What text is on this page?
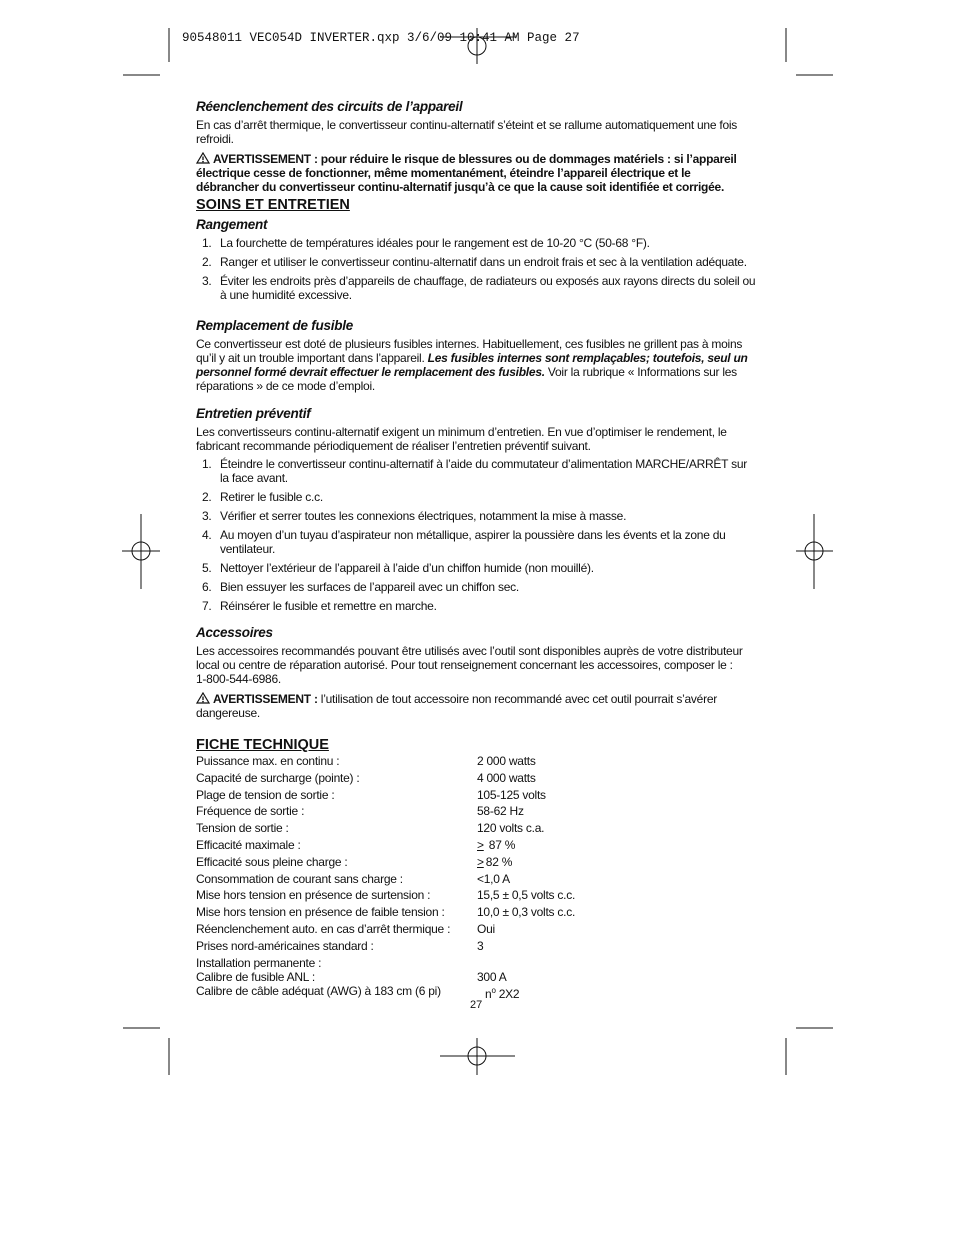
90548011 VEC054D INVERTER.qxp 3/6/09 10:41 AM Page 27
Réenclenchement des circuits de l’appareil

En cas d’arrêt thermique, le convertisseur continu-alternatif s’éteint et se rallume automatiquement une fois refroidi.

AVERTISSEMENT : pour réduire le risque de blessures ou de dommages matériels : si l’appareil électrique cesse de fonctionner, même momentanément, éteindre l’appareil électrique et le débrancher du convertisseur continu-alternatif jusqu’à ce que la cause soit identifiée et corrigée.

SOINS ET ENTRETIEN
Rangement
1. La fourchette de températures idéales pour le rangement est de 10-20 °C (50-68 °F).
2. Ranger et utiliser le convertisseur continu-alternatif dans un endroit frais et sec à la ventilation adéquate.
3. Éviter les endroits près d’appareils de chauffage, de radiateurs ou exposés aux rayons directs du soleil ou à une humidité excessive.
Remplacement de fusible

Ce convertisseur est doté de plusieurs fusibles internes. Habituellement, ces fusibles ne grillent pas à moins qu’il y ait un trouble important dans l’appareil. Les fusibles internes sont remplaçables; toutefois, seul un personnel formé devrait effectuer le remplacement des fusibles. Voir la rubrique « Informations sur les réparations » de ce mode d’emploi.

Entretien préventif

Les convertisseurs continu-alternatif exigent un minimum d’entretien. En vue d’optimiser le rendement, le fabricant recommande périodiquement de réaliser l’entretien préventif suivant.

1. Éteindre le convertisseur continu-alternatif à l’aide du commutateur d’alimentation MARCHE/ARRÊT sur la face avant.
2. Retirer le fusible c.c.
3. Vérifier et serrer toutes les connexions électriques, notamment la mise à masse.
4. Au moyen d’un tuyau d’aspirateur non métallique, aspirer la poussière dans les évents et la zone du ventilateur.
5. Nettoyer l’extérieur de l’appareil à l’aide d’un chiffon humide (non mouillé).
6. Bien essuyer les surfaces de l’appareil avec un chiffon sec.
7. Réinsérer le fusible et remettre en marche.
Accessoires

Les accessoires recommandés pouvant être utilisés avec l’outil sont disponibles auprès de votre distributeur local ou centre de réparation autorisé. Pour tout renseignement concernant les accessoires, composer le :

1-800-544-6986.

AVERTISSEMENT : l’utilisation de tout accessoire non recommandé avec cet outil pourrait s’avérer dangereuse.

FICHE TECHNIQUE
Puissance max. en continu :	2 000 watts
Capacité de surcharge (pointe) :	4 000 watts
Plage de tension de sortie :	105-125 volts
Fréquence de sortie :	58-62 Hz
Tension de sortie :	120 volts c.a.
Efficacité maximale :	> 87 %
Efficacité sous pleine charge :	> 82 %
Consommation de courant sans charge :	<1,0 A
Mise hors tension en présence de surtension :	15,5 ± 0,5 volts c.c.
Mise hors tension en présence de faible tension :	10,0 ± 0,3 volts c.c.
Réenclenchement auto. en cas d’arrêt thermique :	Oui
Prises nord-américaines standard :	3
Installation permanente :
Calibre de fusible ANL :	300 A
Calibre de câble adéquat (AWG) à 183 cm (6 pi)	$n^o$ 2X2
27
